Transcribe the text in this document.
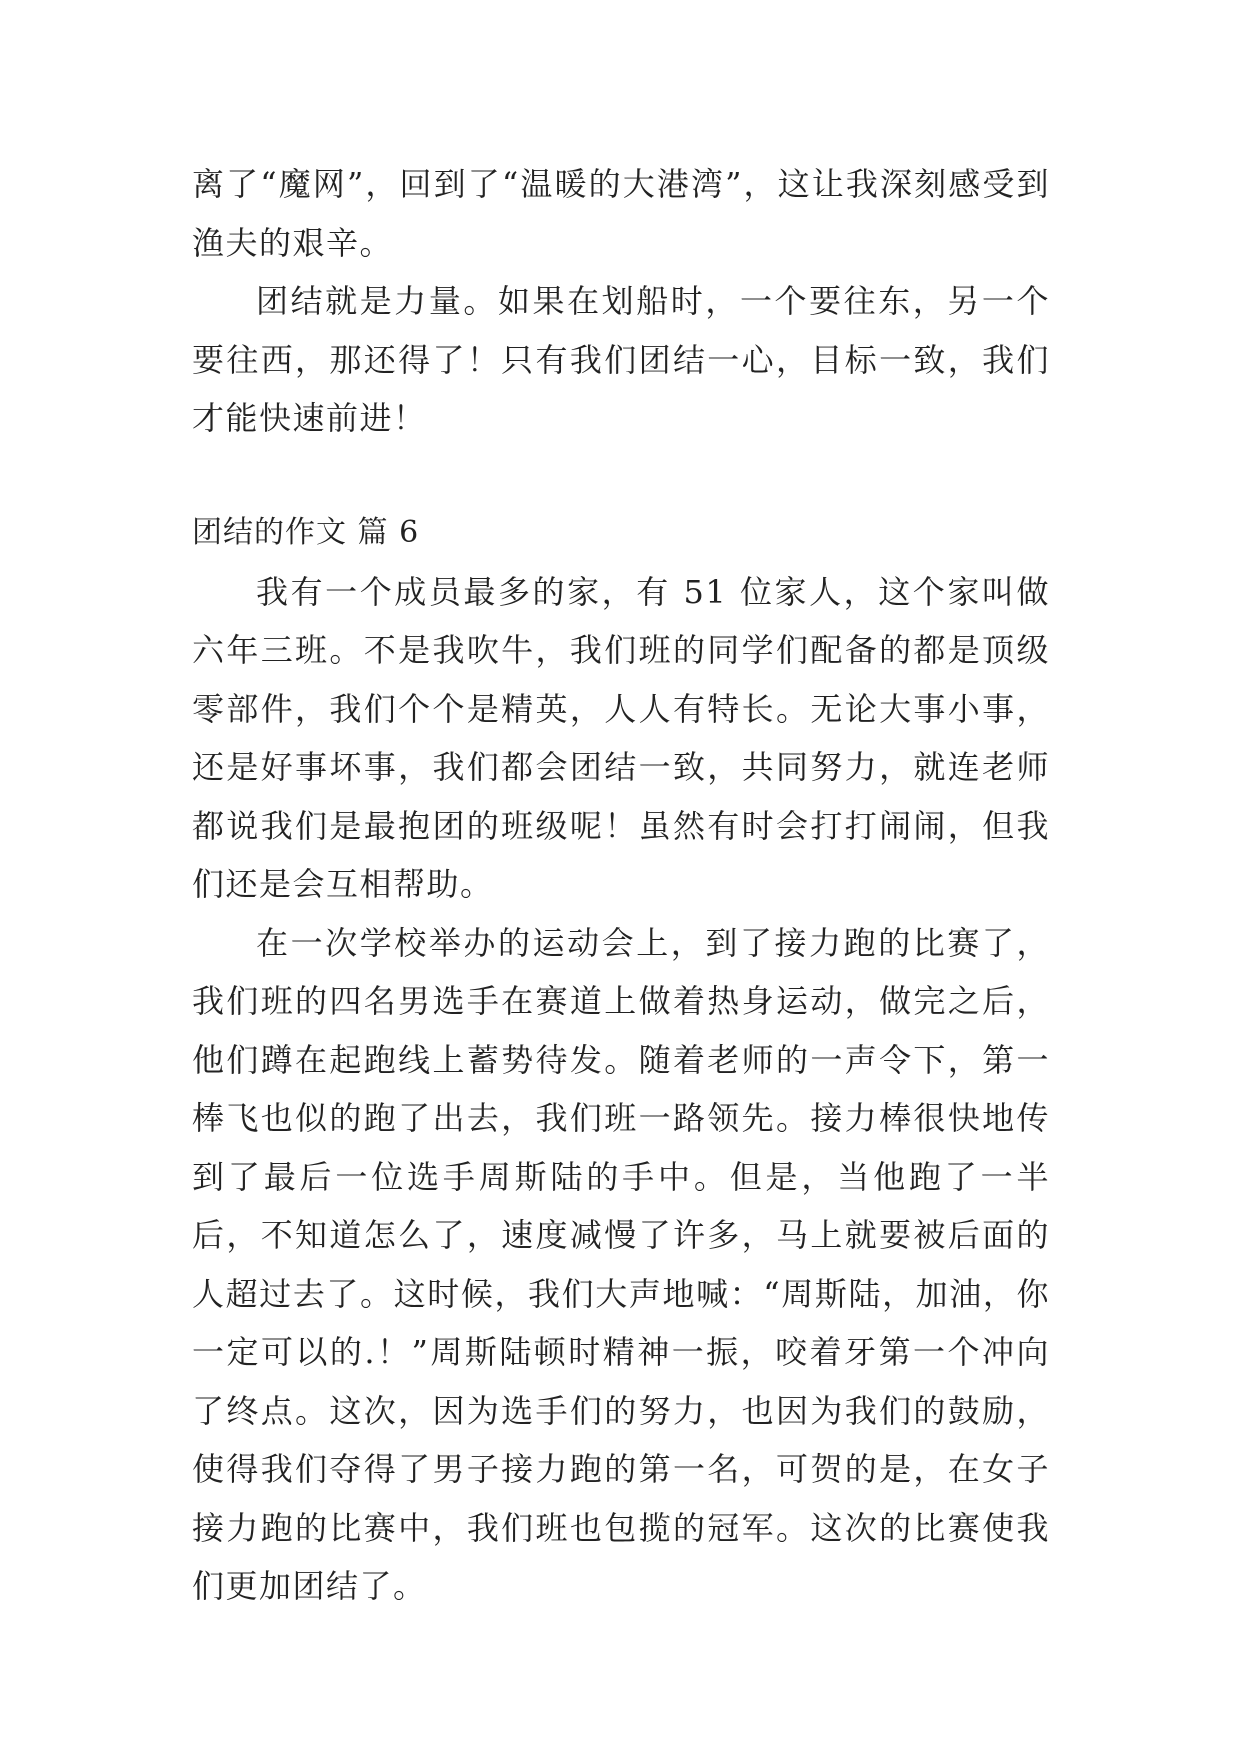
离了“魔网”，回到了“温暖的大港湾”，这让我深刻感受到渔夫的艰辛。

团结就是力量。如果在划船时，一个要往东，另一个要往西，那还得了！只有我们团结一心，目标一致，我们才能快速前进！

团结的作文 篇 6

我有一个成员最多的家，有 51 位家人，这个家叫做六年三班。不是我吹牛，我们班的同学们配备的都是顶级零部件，我们个个是精英，人人有特长。无论大事小事，还是好事坏事，我们都会团结一致，共同努力，就连老师都说我们是最抱团的班级呢！虽然有时会打打闹闹，但我们还是会互相帮助。

在一次学校举办的运动会上，到了接力跑的比赛了，我们班的四名男选手在赛道上做着热身运动，做完之后，他们蹲在起跑线上蓄势待发。随着老师的一声令下，第一棒飞也似的跑了出去，我们班一路领先。接力棒很快地传到了最后一位选手周斯陆的手中。但是，当他跑了一半后，不知道怎么了，速度减慢了许多，马上就要被后面的人超过去了。这时候，我们大声地喊：“周斯陆，加油，你一定可以的.！”周斯陆顿时精神一振，咬着牙第一个冲向了终点。这次，因为选手们的努力，也因为我们的鼓励，使得我们夺得了男子接力跑的第一名，可贺的是，在女子接力跑的比赛中，我们班也包揽的冠军。这次的比赛使我们更加团结了。
